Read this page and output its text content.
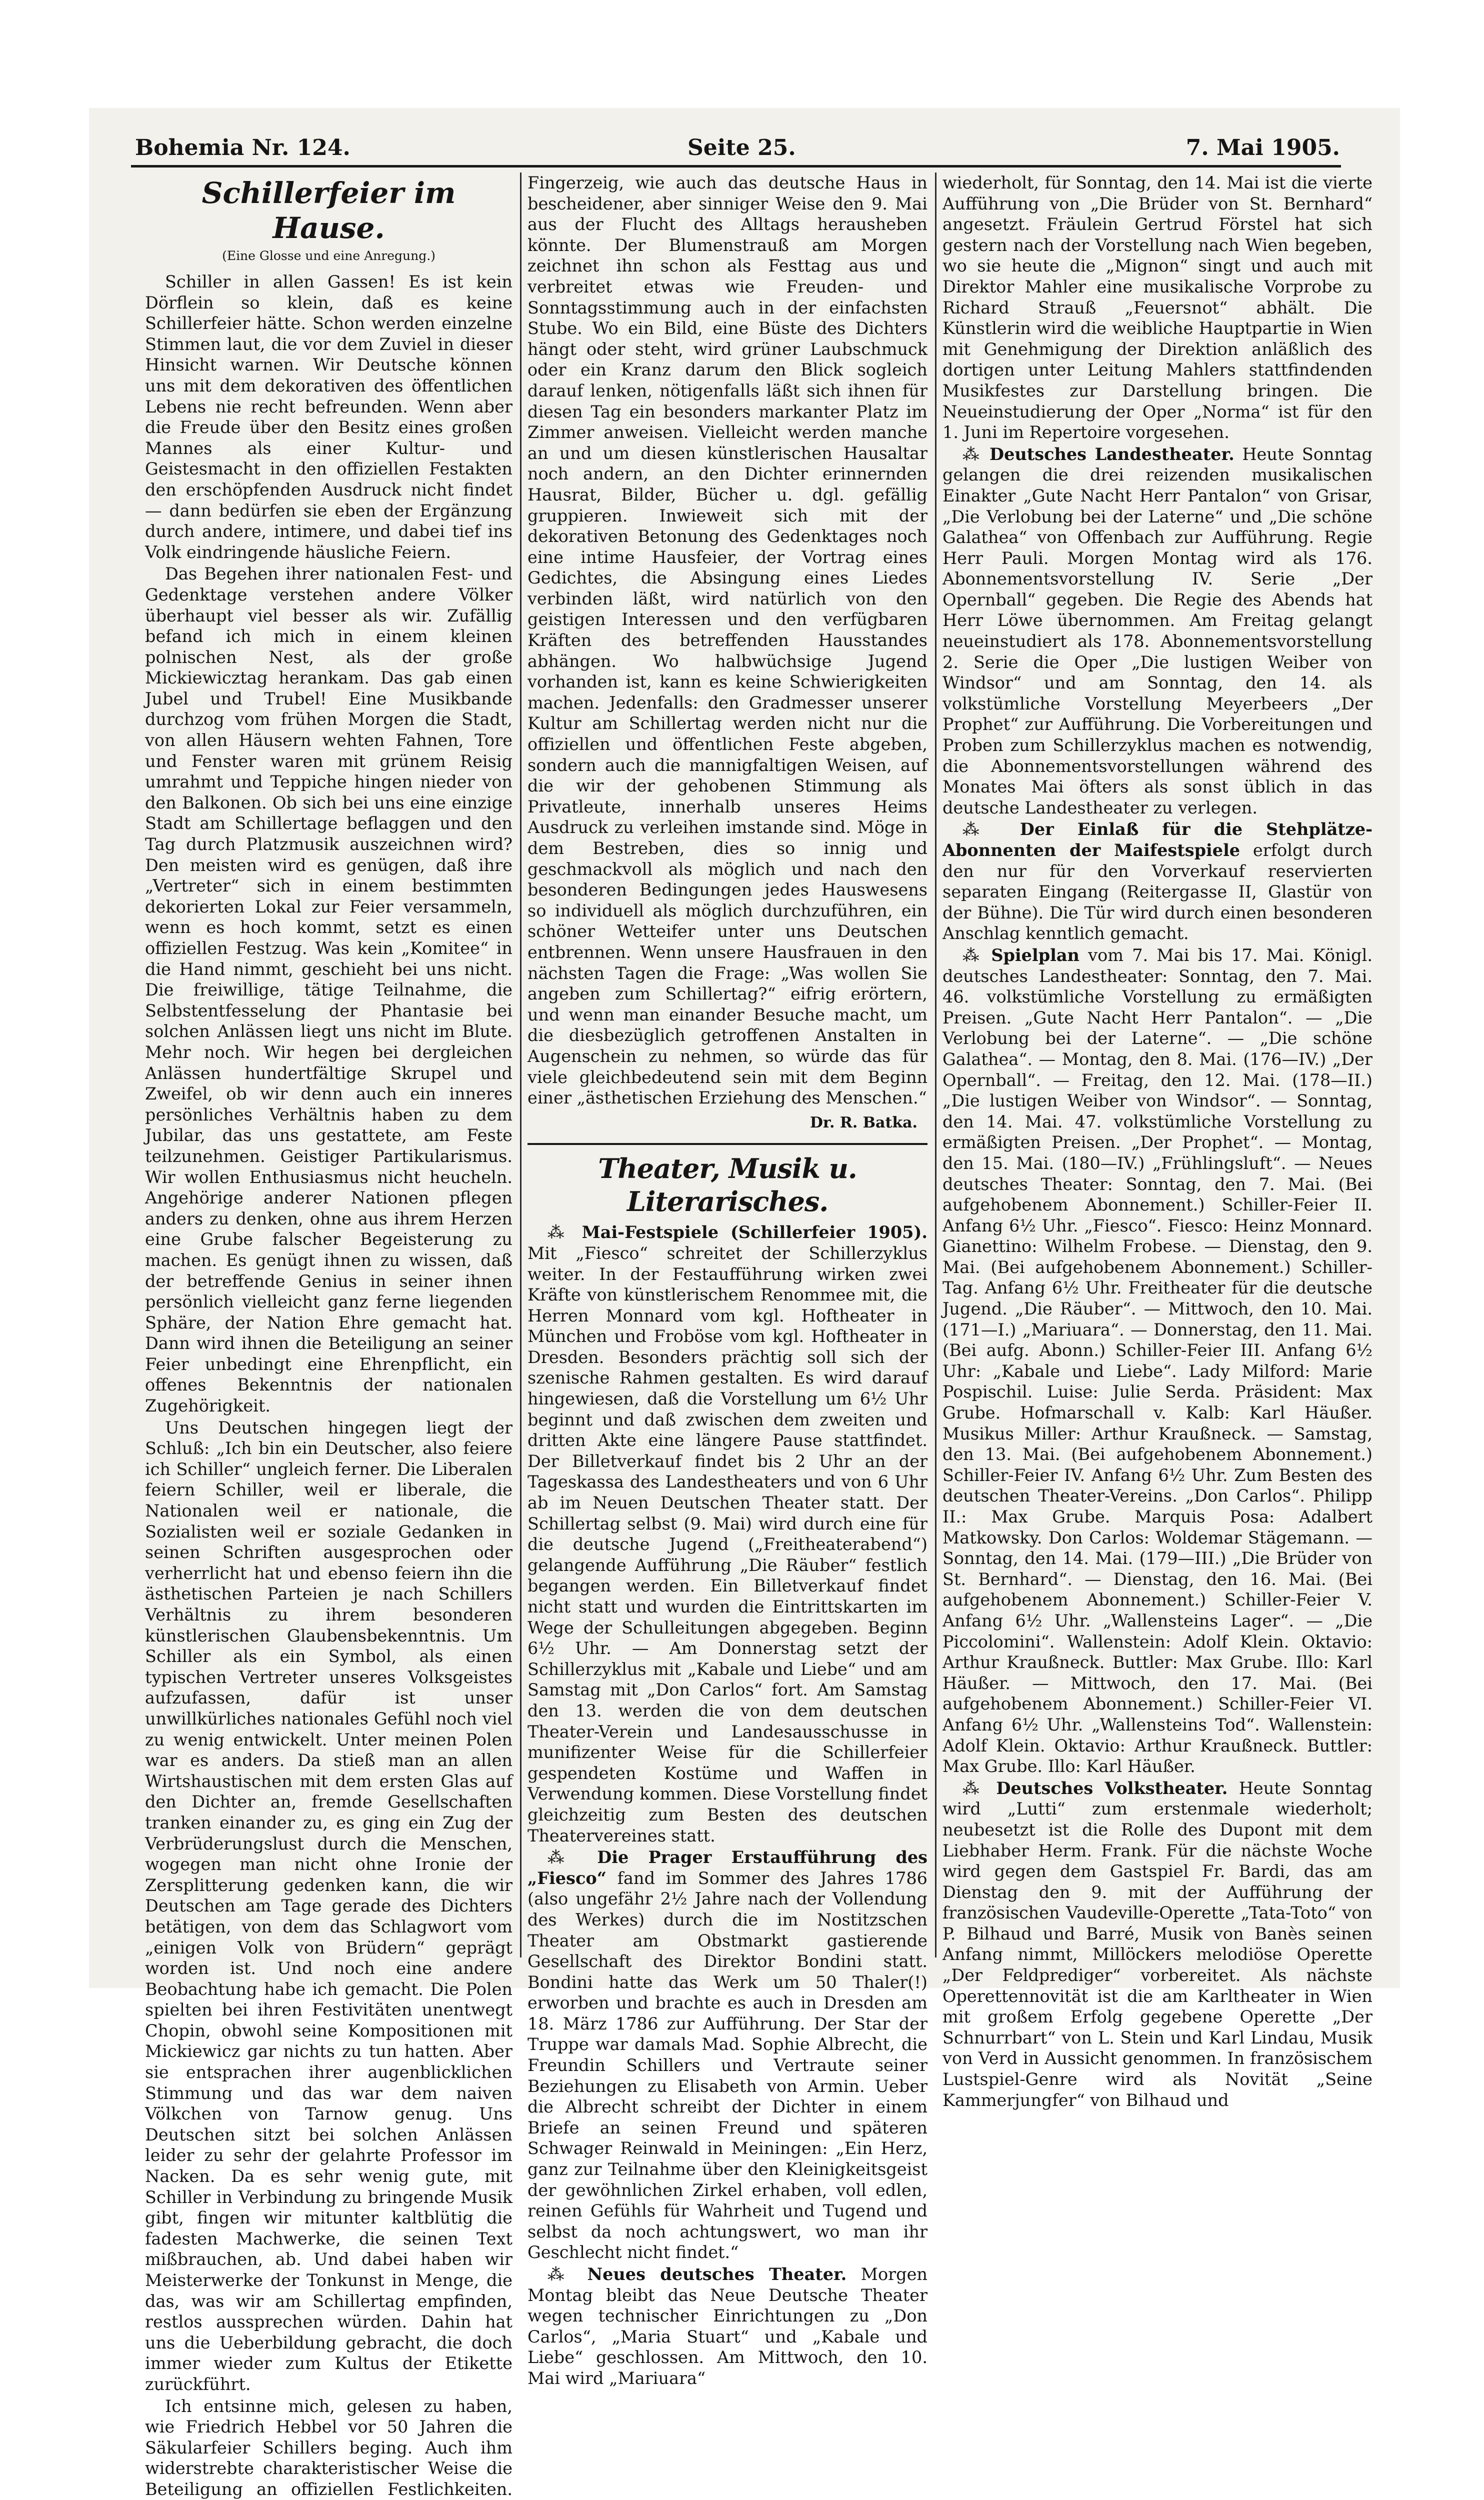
Bohemia Nr. 124.	Seite 25.	7. Mai 1905.
Schillerfeier im Hause.
(Eine Glosse und eine Anregung.)

Schiller in allen Gassen! Es ist kein Dörflein so klein, daß es keine Schillerfeier hätte. Schon werden einzelne Stimmen laut, die vor dem Zuviel in dieser Hinsicht warnen. Wir Deutsche können uns mit dem dekorativen des öffentlichen Lebens nie recht befreunden. Wenn aber die Freude über den Besitz eines großen Mannes als einer Kultur- und Geistesmacht in den offiziellen Festakten den erschöpfenden Ausdruck nicht findet — dann bedürfen sie eben der Ergänzung durch andere, intimere, und dabei tief ins Volk eindringende häusliche Feiern.

Das Begehen ihrer nationalen Fest- und Gedenktage verstehen andere Völker überhaupt viel besser als wir. Zufällig befand ich mich in einem kleinen polnischen Nest, als der große Mickiewicztag herankam. Das gab einen Jubel und Trubel! Eine Musikbande durchzog vom frühen Morgen die Stadt, von allen Häusern wehten Fahnen, Tore und Fenster waren mit grünem Reisig umrahmt und Teppiche hingen nieder von den Balkonen. Ob sich bei uns eine einzige Stadt am Schillertage beflaggen und den Tag durch Platzmusik auszeichnen wird? Den meisten wird es genügen, daß ihre „Vertreter“ sich in einem bestimmten dekorierten Lokal zur Feier versammeln, wenn es hoch kommt, setzt es einen offiziellen Festzug. Was kein „Komitee“ in die Hand nimmt, geschieht bei uns nicht. Die freiwillige, tätige Teilnahme, die Selbstentfesselung der Phantasie bei solchen Anlässen liegt uns nicht im Blute. Mehr noch. Wir hegen bei dergleichen Anlässen hundertfältige Skrupel und Zweifel, ob wir denn auch ein inneres persönliches Verhältnis haben zu dem Jubilar, das uns gestattete, am Feste teilzunehmen. Geistiger Partikularismus. Wir wollen Enthusiasmus nicht heucheln. Angehörige anderer Nationen pflegen anders zu denken, ohne aus ihrem Herzen eine Grube falscher Begeisterung zu machen. Es genügt ihnen zu wissen, daß der betreffende Genius in seiner ihnen persönlich vielleicht ganz ferne liegenden Sphäre, der Nation Ehre gemacht hat. Dann wird ihnen die Beteiligung an seiner Feier unbedingt eine Ehrenpflicht, ein offenes Bekenntnis der nationalen Zugehörigkeit.

Uns Deutschen hingegen liegt der Schluß: „Ich bin ein Deutscher, also feiere ich Schiller“ ungleich ferner. Die Liberalen feiern Schiller, weil er liberale, die Nationalen weil er nationale, die Sozialisten weil er soziale Gedanken in seinen Schriften ausgesprochen oder verherrlicht hat und ebenso feiern ihn die ästhetischen Parteien je nach Schillers Verhältnis zu ihrem besonderen künstlerischen Glaubensbekenntnis. Um Schiller als ein Symbol, als einen typischen Vertreter unseres Volksgeistes aufzufassen, dafür ist unser unwillkürliches nationales Gefühl noch viel zu wenig entwickelt. Unter meinen Polen war es anders. Da stieß man an allen Wirtshaustischen mit dem ersten Glas auf den Dichter an, fremde Gesellschaften tranken einander zu, es ging ein Zug der Verbrüderungslust durch die Menschen, wogegen man nicht ohne Ironie der Zersplitterung gedenken kann, die wir Deutschen am Tage gerade des Dichters betätigen, von dem das Schlagwort vom „einigen Volk von Brüdern“ geprägt worden ist. Und noch eine andere Beobachtung habe ich gemacht. Die Polen spielten bei ihren Festivitäten unentwegt Chopin, obwohl seine Kompositionen mit Mickiewicz gar nichts zu tun hatten. Aber sie entsprachen ihrer augenblicklichen Stimmung und das war dem naiven Völkchen von Tarnow genug. Uns Deutschen sitzt bei solchen Anlässen leider zu sehr der gelahrte Professor im Nacken. Da es sehr wenig gute, mit Schiller in Verbindung zu bringende Musik gibt, fingen wir mitunter kaltblütig die fadesten Machwerke, die seinen Text mißbrauchen, ab. Und dabei haben wir Meisterwerke der Tonkunst in Menge, die das, was wir am Schillertag empfinden, restlos aussprechen würden. Dahin hat uns die Ueberbildung gebracht, die doch immer wieder zum Kultus der Etikette zurückführt.

Ich entsinne mich, gelesen zu haben, wie Friedrich Hebbel vor 50 Jahren die Säkularfeier Schillers beging. Auch ihm widerstrebte charakteristischer Weise die Beteiligung an offiziellen Festlichkeiten.

Fingerzeig, wie auch das deutsche Haus in bescheidener, aber sinniger Weise den 9. Mai aus der Flucht des Alltags herausheben könnte. Der Blumenstrauß am Morgen zeichnet ihn schon als Festtag aus und verbreitet etwas wie Freuden- und Sonntagsstimmung auch in der einfachsten Stube. Wo ein Bild, eine Büste des Dichters hängt oder steht, wird grüner Laubschmuck oder ein Kranz darum den Blick sogleich darauf lenken, nötigenfalls läßt sich ihnen für diesen Tag ein besonders markanter Platz im Zimmer anweisen. Vielleicht werden manche an und um diesen künstlerischen Hausaltar noch andern, an den Dichter erinnernden Hausrat, Bilder, Bücher u. dgl. gefällig gruppieren. Inwieweit sich mit der dekorativen Betonung des Gedenktages noch eine intime Hausfeier, der Vortrag eines Gedichtes, die Absingung eines Liedes verbinden läßt, wird natürlich von den geistigen Interessen und den verfügbaren Kräften des betreffenden Hausstandes abhängen. Wo halbwüchsige Jugend vorhanden ist, kann es keine Schwierigkeiten machen. Jedenfalls: den Gradmesser unserer Kultur am Schillertag werden nicht nur die offiziellen und öffentlichen Feste abgeben, sondern auch die mannigfaltigen Weisen, auf die wir der gehobenen Stimmung als Privatleute, innerhalb unseres Heims Ausdruck zu verleihen imstande sind. Möge in dem Bestreben, dies so innig und geschmackvoll als möglich und nach den besonderen Bedingungen jedes Hauswesens so individuell als möglich durchzuführen, ein schöner Wetteifer unter uns Deutschen entbrennen. Wenn unsere Hausfrauen in den nächsten Tagen die Frage: „Was wollen Sie angeben zum Schillertag?“ eifrig erörtern, und wenn man einander Besuche macht, um die diesbezüglich getroffenen Anstalten in Augenschein zu nehmen, so würde das für viele gleichbedeutend sein mit dem Beginn einer „ästhetischen Erziehung des Menschen.“

Dr. R. Batka.
Theater, Musik u. Literarisches.

⁂ Mai-Festspiele (Schillerfeier 1905). Mit „Fiesco“ schreitet der Schillerzyklus weiter. In der Festaufführung wirken zwei Kräfte von künstlerischem Renommee mit, die Herren Monnard vom kgl. Hoftheater in München und Froböse vom kgl. Hoftheater in Dresden. Besonders prächtig soll sich der szenische Rahmen gestalten. Es wird darauf hingewiesen, daß die Vorstellung um 6½ Uhr beginnt und daß zwischen dem zweiten und dritten Akte eine längere Pause stattfindet. Der Billetverkauf findet bis 2 Uhr an der Tageskassa des Landestheaters und von 6 Uhr ab im Neuen Deutschen Theater statt. Der Schillertag selbst (9. Mai) wird durch eine für die deutsche Jugend („Freitheaterabend“) gelangende Aufführung „Die Räuber“ festlich begangen werden. Ein Billetverkauf findet nicht statt und wurden die Eintrittskarten im Wege der Schulleitungen abgegeben. Beginn 6½ Uhr. — Am Donnerstag setzt der Schillerzyklus mit „Kabale und Liebe“ und am Samstag mit „Don Carlos“ fort. Am Samstag den 13. werden die von dem deutschen Theater-Verein und Landesausschusse in munifizenter Weise für die Schillerfeier gespendeten Kostüme und Waffen in Verwendung kommen. Diese Vorstellung findet gleichzeitig zum Besten des deutschen Theatervereines statt.

⁂ Die Prager Erstaufführung des „Fiesco“ fand im Sommer des Jahres 1786 (also ungefähr 2½ Jahre nach der Vollendung des Werkes) durch die im Nostitzschen Theater am Obstmarkt gastierende Gesellschaft des Direktor Bondini statt. Bondini hatte das Werk um 50 Thaler(!) erworben und brachte es auch in Dresden am 18. März 1786 zur Aufführung. Der Star der Truppe war damals Mad. Sophie Albrecht, die Freundin Schillers und Vertraute seiner Beziehungen zu Elisabeth von Armin. Ueber die Albrecht schreibt der Dichter in einem Briefe an seinen Freund und späteren Schwager Reinwald in Meiningen: „Ein Herz, ganz zur Teilnahme über den Kleinigkeitsgeist der gewöhnlichen Zirkel erhaben, voll edlen, reinen Gefühls für Wahrheit und Tugend und selbst da noch achtungswert, wo man ihr Geschlecht nicht findet.“

⁂ Neues deutsches Theater. Morgen Montag bleibt das Neue Deutsche Theater wegen technischer Einrichtungen zu „Don Carlos“, „Maria Stuart“ und „Kabale und Liebe“ geschlossen. Am Mittwoch, den 10. Mai wird „Mariuara“

wiederholt, für Sonntag, den 14. Mai ist die vierte Aufführung von „Die Brüder von St. Bernhard“ angesetzt. Fräulein Gertrud Förstel hat sich gestern nach der Vorstellung nach Wien begeben, wo sie heute die „Mignon“ singt und auch mit Direktor Mahler eine musikalische Vorprobe zu Richard Strauß „Feuersnot“ abhält. Die Künstlerin wird die weibliche Hauptpartie in Wien mit Genehmigung der Direktion anläßlich des dortigen unter Leitung Mahlers stattfindenden Musikfestes zur Darstellung bringen. Die Neueinstudierung der Oper „Norma“ ist für den 1. Juni im Repertoire vorgesehen.

⁂ Deutsches Landestheater. Heute Sonntag gelangen die drei reizenden musikalischen Einakter „Gute Nacht Herr Pantalon“ von Grisar, „Die Verlobung bei der Laterne“ und „Die schöne Galathea“ von Offenbach zur Aufführung. Regie Herr Pauli. Morgen Montag wird als 176. Abonnementsvorstellung IV. Serie „Der Opernball“ gegeben. Die Regie des Abends hat Herr Löwe übernommen. Am Freitag gelangt neueinstudiert als 178. Abonnementsvorstellung 2. Serie die Oper „Die lustigen Weiber von Windsor“ und am Sonntag, den 14. als volkstümliche Vorstellung Meyerbeers „Der Prophet“ zur Aufführung. Die Vorbereitungen und Proben zum Schillerzyklus machen es notwendig, die Abonnementsvorstellungen während des Monates Mai öfters als sonst üblich in das deutsche Landestheater zu verlegen.

⁂ Der Einlaß für die Stehplätze-Abonnenten der Maifestspiele erfolgt durch den nur für den Vorverkauf reservierten separaten Eingang (Reitergasse II, Glastür von der Bühne). Die Tür wird durch einen besonderen Anschlag kenntlich gemacht.

⁂ Spielplan vom 7. Mai bis 17. Mai. Königl. deutsches Landestheater: Sonntag, den 7. Mai. 46. volkstümliche Vorstellung zu ermäßigten Preisen. „Gute Nacht Herr Pantalon“. — „Die Verlobung bei der Laterne“. — „Die schöne Galathea“. — Montag, den 8. Mai. (176—IV.) „Der Opernball“. — Freitag, den 12. Mai. (178—II.) „Die lustigen Weiber von Windsor“. — Sonntag, den 14. Mai. 47. volkstümliche Vorstellung zu ermäßigten Preisen. „Der Prophet“. — Montag, den 15. Mai. (180—IV.) „Frühlingsluft“. — Neues deutsches Theater: Sonntag, den 7. Mai. (Bei aufgehobenem Abonnement.) Schiller-Feier II. Anfang 6½ Uhr. „Fiesco“. Fiesco: Heinz Monnard. Gianettino: Wilhelm Frobese. — Dienstag, den 9. Mai. (Bei aufgehobenem Abonnement.) Schiller-Tag. Anfang 6½ Uhr. Freitheater für die deutsche Jugend. „Die Räuber“. — Mittwoch, den 10. Mai. (171—I.) „Mariuara“. — Donnerstag, den 11. Mai. (Bei aufg. Abonn.) Schiller-Feier III. Anfang 6½ Uhr: „Kabale und Liebe“. Lady Milford: Marie Pospischil. Luise: Julie Serda. Präsident: Max Grube. Hofmarschall v. Kalb: Karl Häußer. Musikus Miller: Arthur Kraußneck. — Samstag, den 13. Mai. (Bei aufgehobenem Abonnement.) Schiller-Feier IV. Anfang 6½ Uhr. Zum Besten des deutschen Theater-Vereins. „Don Carlos“. Philipp II.: Max Grube. Marquis Posa: Adalbert Matkowsky. Don Carlos: Woldemar Stägemann. — Sonntag, den 14. Mai. (179—III.) „Die Brüder von St. Bernhard“. — Dienstag, den 16. Mai. (Bei aufgehobenem Abonnement.) Schiller-Feier V. Anfang 6½ Uhr. „Wallensteins Lager“. — „Die Piccolomini“. Wallenstein: Adolf Klein. Oktavio: Arthur Kraußneck. Buttler: Max Grube. Illo: Karl Häußer. — Mittwoch, den 17. Mai. (Bei aufgehobenem Abonnement.) Schiller-Feier VI. Anfang 6½ Uhr. „Wallensteins Tod“. Wallenstein: Adolf Klein. Oktavio: Arthur Kraußneck. Buttler: Max Grube. Illo: Karl Häußer.

⁂ Deutsches Volkstheater. Heute Sonntag wird „Lutti“ zum erstenmale wiederholt; neubesetzt ist die Rolle des Dupont mit dem Liebhaber Herm. Frank. Für die nächste Woche wird gegen dem Gastspiel Fr. Bardi, das am Dienstag den 9. mit der Aufführung der französischen Vaudeville-Operette „Tata-Toto“ von P. Bilhaud und Barré, Musik von Banès seinen Anfang nimmt, Millöckers melodiöse Operette „Der Feldprediger“ vorbereitet. Als nächste Operettennovität ist die am Karltheater in Wien mit großem Erfolg gegebene Operette „Der Schnurrbart“ von L. Stein und Karl Lindau, Musik von Verd in Aussicht genommen. In französischem Lustspiel-Genre wird als Novität „Seine Kammerjungfer“ von Bilhaud und
